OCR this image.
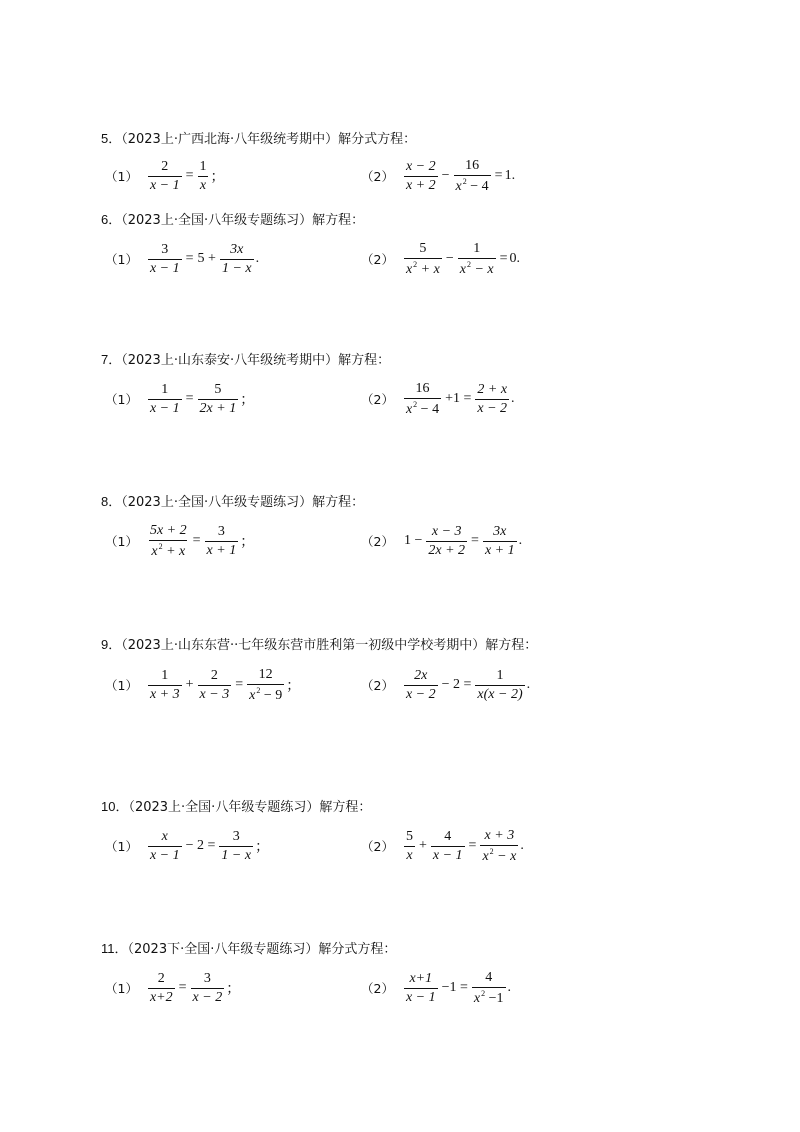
5．（2023上·广西北海·八年级统考期中）解分式方程：
$(1) \frac{2}{x - 1} = \frac{1}{x}$ ；	$(2) \frac{x - 2}{x + 2} - \frac{16}{x^2 - 4} = 1$ .
6．（2023上·全国·八年级专题练习）解方程：
$(1) \frac{3}{x - 1} = 5 + \frac{3x}{1 - x}$ .	$(2) \frac{5}{x^2 + x} - \frac{1}{x^2 - x} = 0$ .
7．（2023上·山东泰安·八年级统考期中）解方程：
$(1) \frac{1}{x - 1} = \frac{5}{2x + 1}$ ；	$(2) \frac{16}{x^2 - 4} +1 = \frac{2 + x}{x - 2}$ .
8．（2023上·全国·八年级专题练习）解方程：
$(1) \frac{5x + 2}{x^2 + x} = \frac{3}{x + 1}$ ；	（2） $1 - \frac{x - 3}{2x + 2} = \frac{3x}{x + 1}$ .
9．（2023上·山东东营··七年级东营市胜利第一初级中学校考期中）解方程：
$(1) \frac{1}{x + 3} + \frac{2}{x - 3} = \frac{12}{x^2 - 9}$ ；	$(2) \frac{2x}{x - 2} - 2 = \frac{1}{x(x - 2)}$ .
10．（2023上·全国·八年级专题练习）解方程：
$(1) \frac{x}{x - 1} - 2 = \frac{3}{1 - x}$ ；	$(2) \frac{5}{x} + \frac{4}{x - 1} = \frac{x + 3}{x^2 - x}$ .
11．（2023下·全国·八年级专题练习）解分式方程：
$(1) \frac{2}{x+2} = \frac{3}{x - 2}$ ；	$(2) \frac{x+1}{x - 1} -1 = \frac{4}{x^2 -1}$ .
